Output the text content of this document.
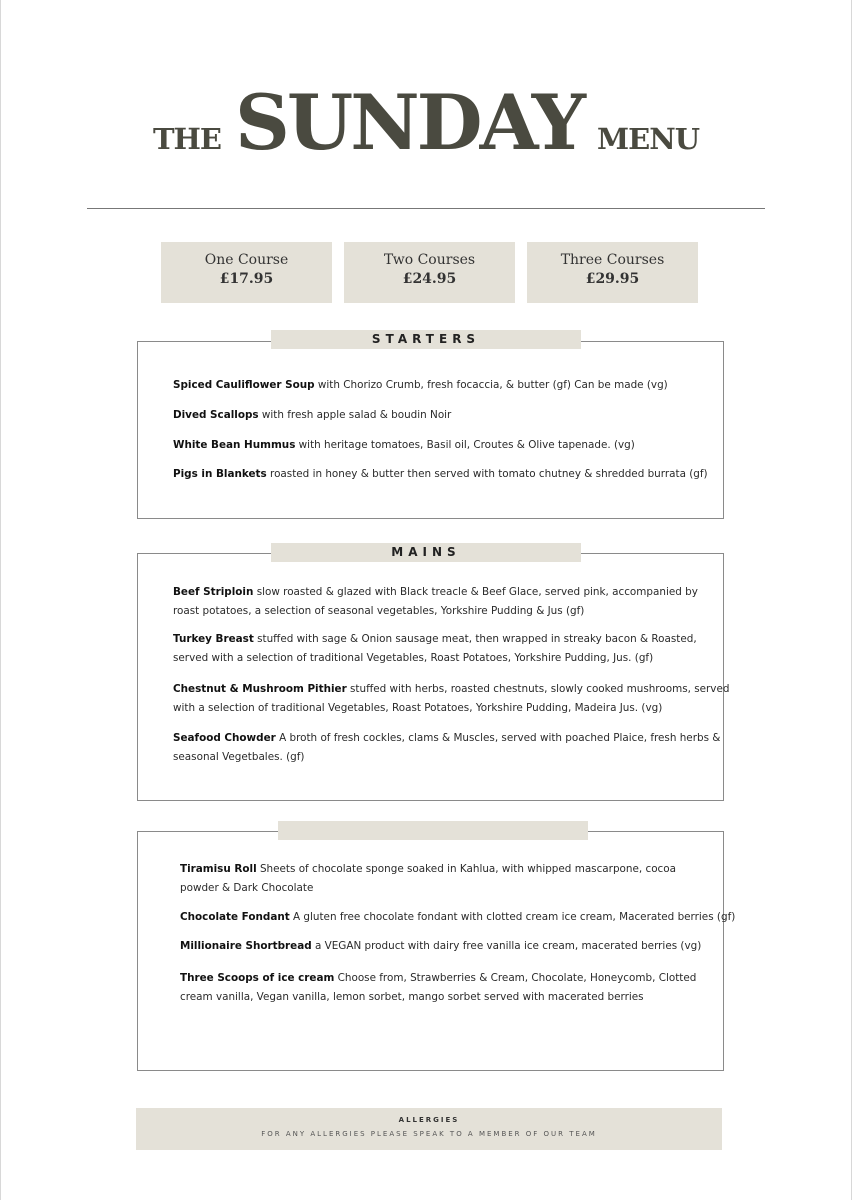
THE SUNDAY MENU
One Course
£17.95
Two Courses
£24.95
Three Courses
£29.95
STARTERS
Spiced Cauliflower Soup with Chorizo Crumb, fresh focaccia, & butter (gf) Can be made (vg)
Dived Scallops with fresh apple salad & boudin Noir
White Bean Hummus with heritage tomatoes, Basil oil, Croutes & Olive tapenade. (vg)
Pigs in Blankets roasted in honey & butter then served with tomato chutney & shredded burrata (gf)
MAINS
Beef Striploin slow roasted & glazed with Black treacle & Beef Glace, served pink, accompanied by
roast potatoes, a selection of seasonal vegetables, Yorkshire Pudding & Jus (gf)
Turkey Breast stuffed with sage & Onion sausage meat, then wrapped in streaky bacon & Roasted,
served with a selection of traditional Vegetables, Roast Potatoes, Yorkshire Pudding, Jus. (gf)
Chestnut & Mushroom Pithier stuffed with herbs, roasted chestnuts, slowly cooked mushrooms, served
with a selection of traditional Vegetables, Roast Potatoes, Yorkshire Pudding, Madeira Jus. (vg)
Seafood Chowder A broth of fresh cockles, clams & Muscles, served with poached Plaice, fresh herbs &
seasonal Vegetbales. (gf)
Tiramisu Roll Sheets of chocolate sponge soaked in Kahlua, with whipped mascarpone, cocoa
powder & Dark Chocolate
Chocolate Fondant A gluten free chocolate fondant with clotted cream ice cream, Macerated berries (gf)
Millionaire Shortbread a VEGAN product with dairy free vanilla ice cream, macerated berries (vg)
Three Scoops of ice cream Choose from, Strawberries & Cream, Chocolate, Honeycomb, Clotted
cream vanilla, Vegan vanilla, lemon sorbet, mango sorbet served with macerated berries
ALLERGIES
FOR ANY ALLERGIES PLEASE SPEAK TO A MEMBER OF OUR TEAM
